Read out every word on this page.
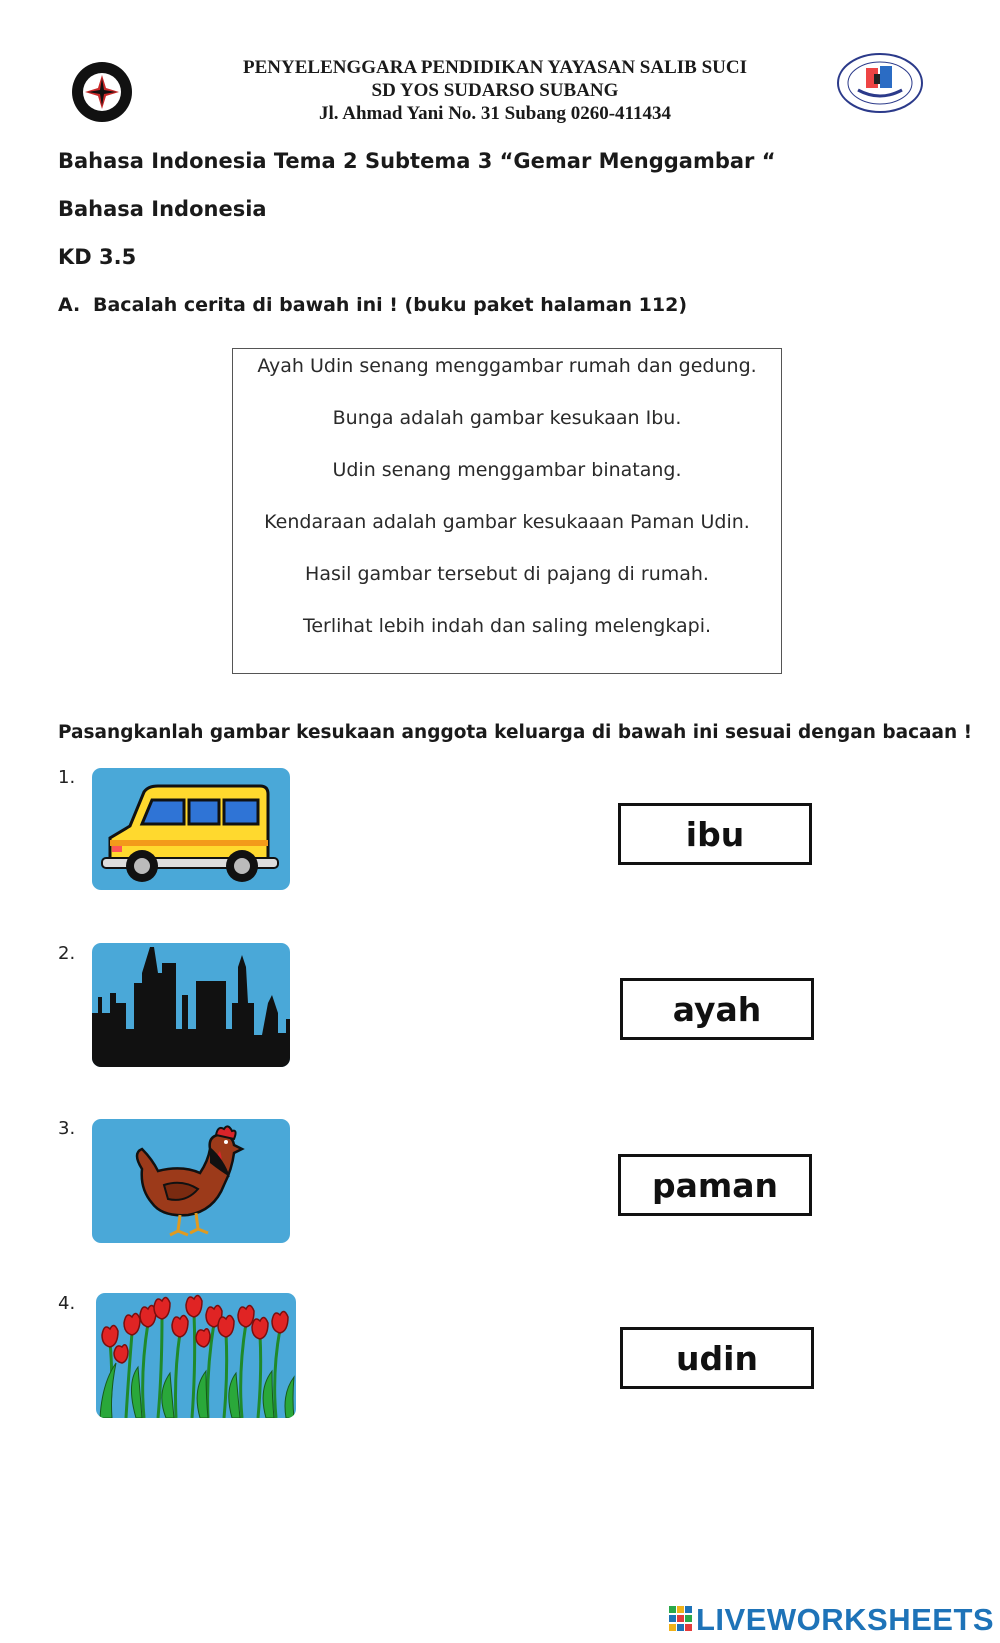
PENYELENGGARA PENDIDIKAN YAYASAN SALIB SUCI
SD YOS SUDARSO SUBANG
Jl. Ahmad Yani No. 31 Subang 0260-411434
Bahasa Indonesia Tema 2 Subtema 3 “Gemar Menggambar “
Bahasa Indonesia
KD 3.5
A. Bacalah cerita di bawah ini ! (buku paket halaman 112)
Ayah Udin senang menggambar rumah dan gedung.
Bunga adalah gambar kesukaan Ibu.
Udin senang menggambar binatang.
Kendaraan adalah gambar kesukaaan Paman Udin.
Hasil gambar tersebut di pajang di rumah.
Terlihat lebih indah dan saling melengkapi.
Pasangkanlah gambar kesukaan anggota keluarga di bawah ini sesuai dengan bacaan !
1.
ibu
2.
ayah
3.
paman
4.
udin
LIVEWORKSHEETS
